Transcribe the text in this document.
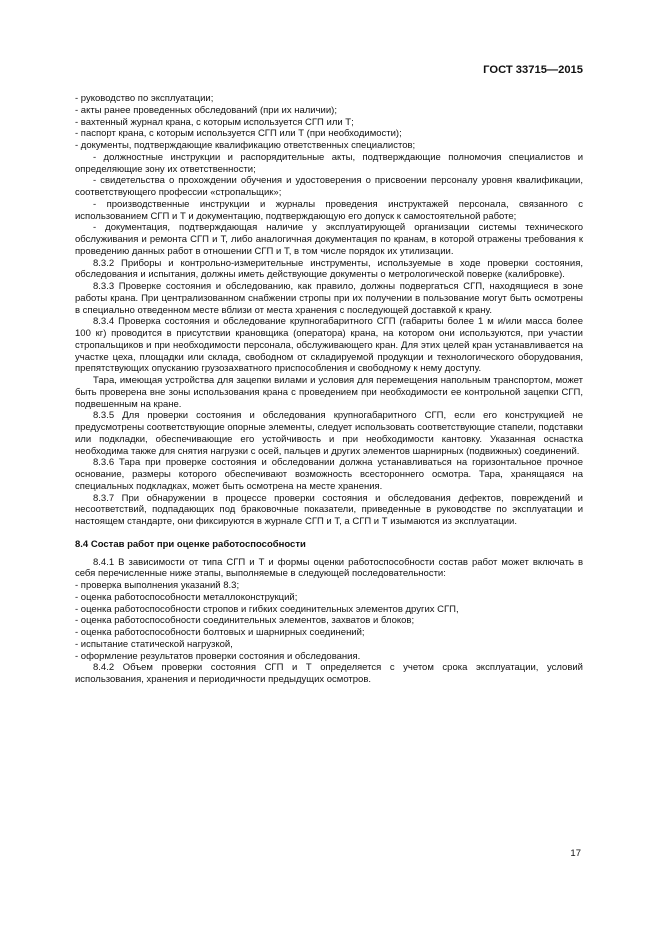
ГОСТ 33715—2015

- руководство по эксплуатации;

- акты ранее проведенных обследований (при их наличии);

- вахтенный журнал крана, с которым используется СГП или Т;

- паспорт крана, с которым используется СГП или Т (при необходимости);

- документы, подтверждающие квалификацию ответственных специалистов;

- должностные инструкции и распорядительные акты, подтверждающие полномочия специалистов и определяющие зону их ответственности;

- свидетельства о прохождении обучения и удостоверения о присвоении персоналу уровня квалификации, соответствующего профессии «стропальщик»;

- производственные инструкции и журналы проведения инструктажей персонала, связанного с использованием СГП и Т и документацию, подтверждающую его допуск к самостоятельной работе;

- документация, подтверждающая наличие у эксплуатирующей организации системы технического обслуживания и ремонта СГП и Т, либо аналогичная документация по кранам, в которой отражены требования к проведению данных работ в отношении СГП и Т, в том числе порядок их утилизации.

8.3.2 Приборы и контрольно-измерительные инструменты, используемые в ходе проверки состояния, обследования и испытания, должны иметь действующие документы о метрологической поверке (калибровке).

8.3.3 Проверке состояния и обследованию, как правило, должны подвергаться СГП, находящиеся в зоне работы крана. При централизованном снабжении стропы при их получении в пользование могут быть осмотрены в специально отведенном месте вблизи от места хранения с последующей доставкой к крану.

8.3.4 Проверка состояния и обследование крупногабаритного СГП (габариты более 1 м и/или масса более 100 кг) проводится в присутствии крановщика (оператора) крана, на котором они используются, при участии стропальщиков и при необходимости персонала, обслуживающего кран. Для этих целей кран устанавливается на участке цеха, площадки или склада, свободном от складируемой продукции и технологического оборудования, препятствующих опусканию грузозахватного приспособления и свободному к нему доступу.

Тара, имеющая устройства для зацепки вилами и условия для перемещения напольным транспортом, может быть проверена вне зоны использования крана с проведением при необходимости ее контрольной зацепки СГП, подвешенным на кране.

8.3.5 Для проверки состояния и обследования крупногабаритного СГП, если его конструкцией не предусмотрены соответствующие опорные элементы, следует использовать соответствующие стапели, подставки или подкладки, обеспечивающие его устойчивость и при необходимости кантовку. Указанная оснастка необходима также для снятия нагрузки с осей, пальцев и других элементов шарнирных (подвижных) соединений.

8.3.6 Тара при проверке состояния и обследовании должна устанавливаться на горизонтальное прочное основание, размеры которого обеспечивают возможность всестороннего осмотра. Тара, хранящаяся на специальных подкладках, может быть осмотрена на месте хранения.

8.3.7 При обнаружении в процессе проверки состояния и обследования дефектов, повреждений и несоответствий, подпадающих под браковочные показатели, приведенные в руководстве по эксплуатации и настоящем стандарте, они фиксируются в журнале СГП и Т, а СГП и Т изымаются из эксплуатации.

8.4 Состав работ при оценке работоспособности

8.4.1 В зависимости от типа СГП и Т и формы оценки работоспособности состав работ может включать в себя перечисленные ниже этапы, выполняемые в следующей последовательности:

- проверка выполнения указаний 8.3;

- оценка работоспособности металлоконструкций;

- оценка работоспособности стропов и гибких соединительных элементов других СГП,

- оценка работоспособности соединительных элементов, захватов и блоков;

- оценка работоспособности болтовых и шарнирных соединений;

- испытание статической нагрузкой,

- оформление результатов проверки состояния и обследования.

8.4.2 Объем проверки состояния СГП и Т определяется с учетом срока эксплуатации, условий использования, хранения и периодичности предыдущих осмотров.

17
